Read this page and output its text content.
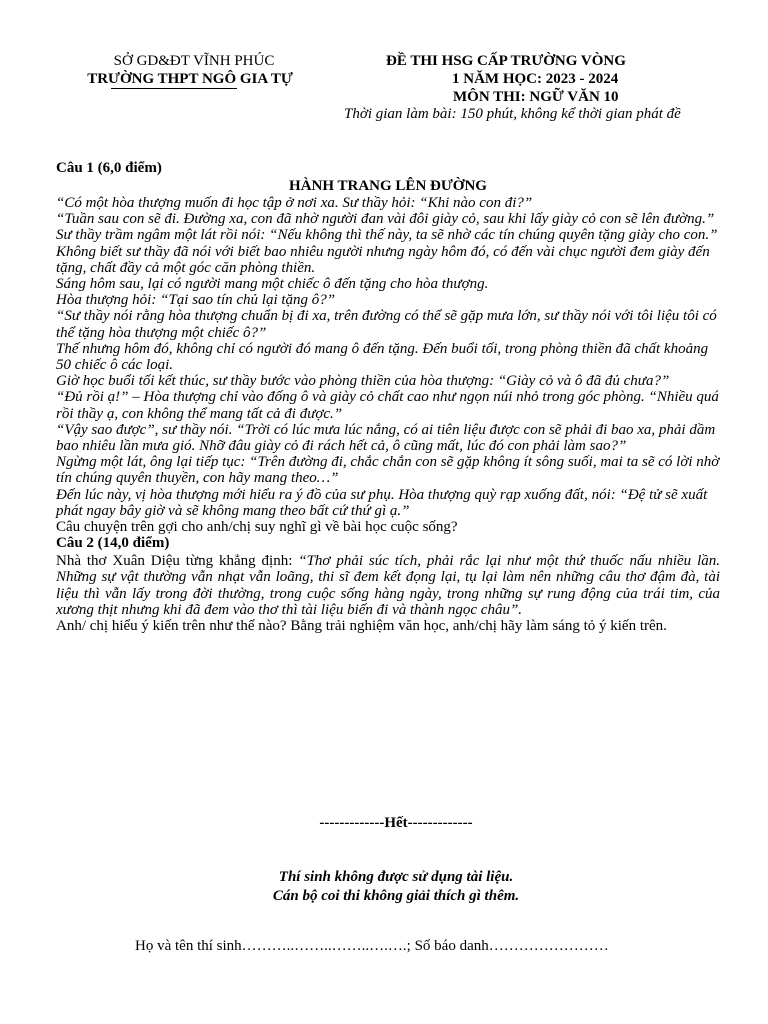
SỞ GD&ĐT VĨNH PHÚC
TRƯỜNG THPT NGÔ GIA TỰ
ĐỀ THI HSG CẤP TRƯỜNG VÒNG
1 NĂM HỌC: 2023 - 2024
MÔN THI: NGỮ VĂN 10
Thời gian làm bài: 150 phút, không kể thời gian phát đề

Câu 1 (6,0 điểm)

HÀNH TRANG LÊN ĐƯỜNG

“Có một hòa thượng muốn đi học tập ở nơi xa. Sư thầy hỏi: “Khi nào con đi?”

“Tuần sau con sẽ đi. Đường xa, con đã nhờ người đan vài đôi giày cỏ, sau khi lấy giày cỏ con sẽ lên đường.”

Sư thầy trầm ngâm một lát rồi nói: “Nếu không thì thế này, ta sẽ nhờ các tín chúng quyên tặng giày cho con.”

Không biết sư thầy đã nói với biết bao nhiêu người nhưng ngày hôm đó, có đến vài chục người đem giày đến tặng, chất đầy cả một góc căn phòng thiền.

Sáng hôm sau, lại có người mang một chiếc ô đến tặng cho hòa thượng.

Hòa thượng hỏi: “Tại sao tín chủ lại tặng ô?”

“Sư thầy nói rằng hòa thượng chuẩn bị đi xa, trên đường có thể sẽ gặp mưa lớn, sư thầy nói với tôi liệu tôi có thể tặng hòa thượng một chiếc ô?”

Thế nhưng hôm đó, không chỉ có người đó mang ô đến tặng. Đến buổi tối, trong phòng thiền đã chất khoảng 50 chiếc ô các loại.

Giờ học buổi tối kết thúc, sư thầy bước vào phòng thiền của hòa thượng: “Giày cỏ và ô đã đủ chưa?”

“Đủ rồi ạ!” – Hòa thượng chỉ vào đống ô và giày cỏ chất cao như ngọn núi nhỏ trong góc phòng. “Nhiều quá rồi thầy ạ, con không thể mang tất cả đi được.”

“Vậy sao được”, sư thầy nói. “Trời có lúc mưa lúc nắng, có ai tiên liệu được con sẽ phải đi bao xa, phải dầm bao nhiêu lần mưa gió. Nhỡ đâu giày cỏ đi rách hết cả, ô cũng mất, lúc đó con phải làm sao?”

Ngừng một lát, ông lại tiếp tục: “Trên đường đi, chắc chắn con sẽ gặp không ít sông suối, mai ta sẽ có lời nhờ tín chúng quyên thuyền, con hãy mang theo…”

Đến lúc này, vị hòa thượng mới hiểu ra ý đồ của sư phụ. Hòa thượng quỳ rạp xuống đất, nói: “Đệ tử sẽ xuất phát ngay bây giờ và sẽ không mang theo bất cứ thứ gì ạ.”

Câu chuyện trên gợi cho anh/chị suy nghĩ gì về bài học cuộc sống?

Câu 2 (14,0 điểm)

Nhà thơ Xuân Diệu từng khẳng định: “Thơ phải súc tích, phải rắc lại như một thứ thuốc nấu nhiều lần. Những sự vật thường vẫn nhạt vẫn loãng, thi sĩ đem kết đọng lại, tụ lại làm nên những câu thơ đậm đà, tài liệu thì vẫn lấy trong đời thường, trong cuộc sống hàng ngày, trong những sự rung động của trái tim, của xương thịt nhưng khi đã đem vào thơ thì tài liệu biến đi và thành ngọc châu”.

Anh/ chị hiểu ý kiến trên như thế nào? Bằng trải nghiệm văn học, anh/chị hãy làm sáng tỏ ý kiến trên.

-------------Hết-------------
Thí sinh không được sử dụng tài liệu.
Cán bộ coi thi không giải thích gì thêm.
Họ và tên thí sinh………..……..……..….….; Số báo danh……………………
